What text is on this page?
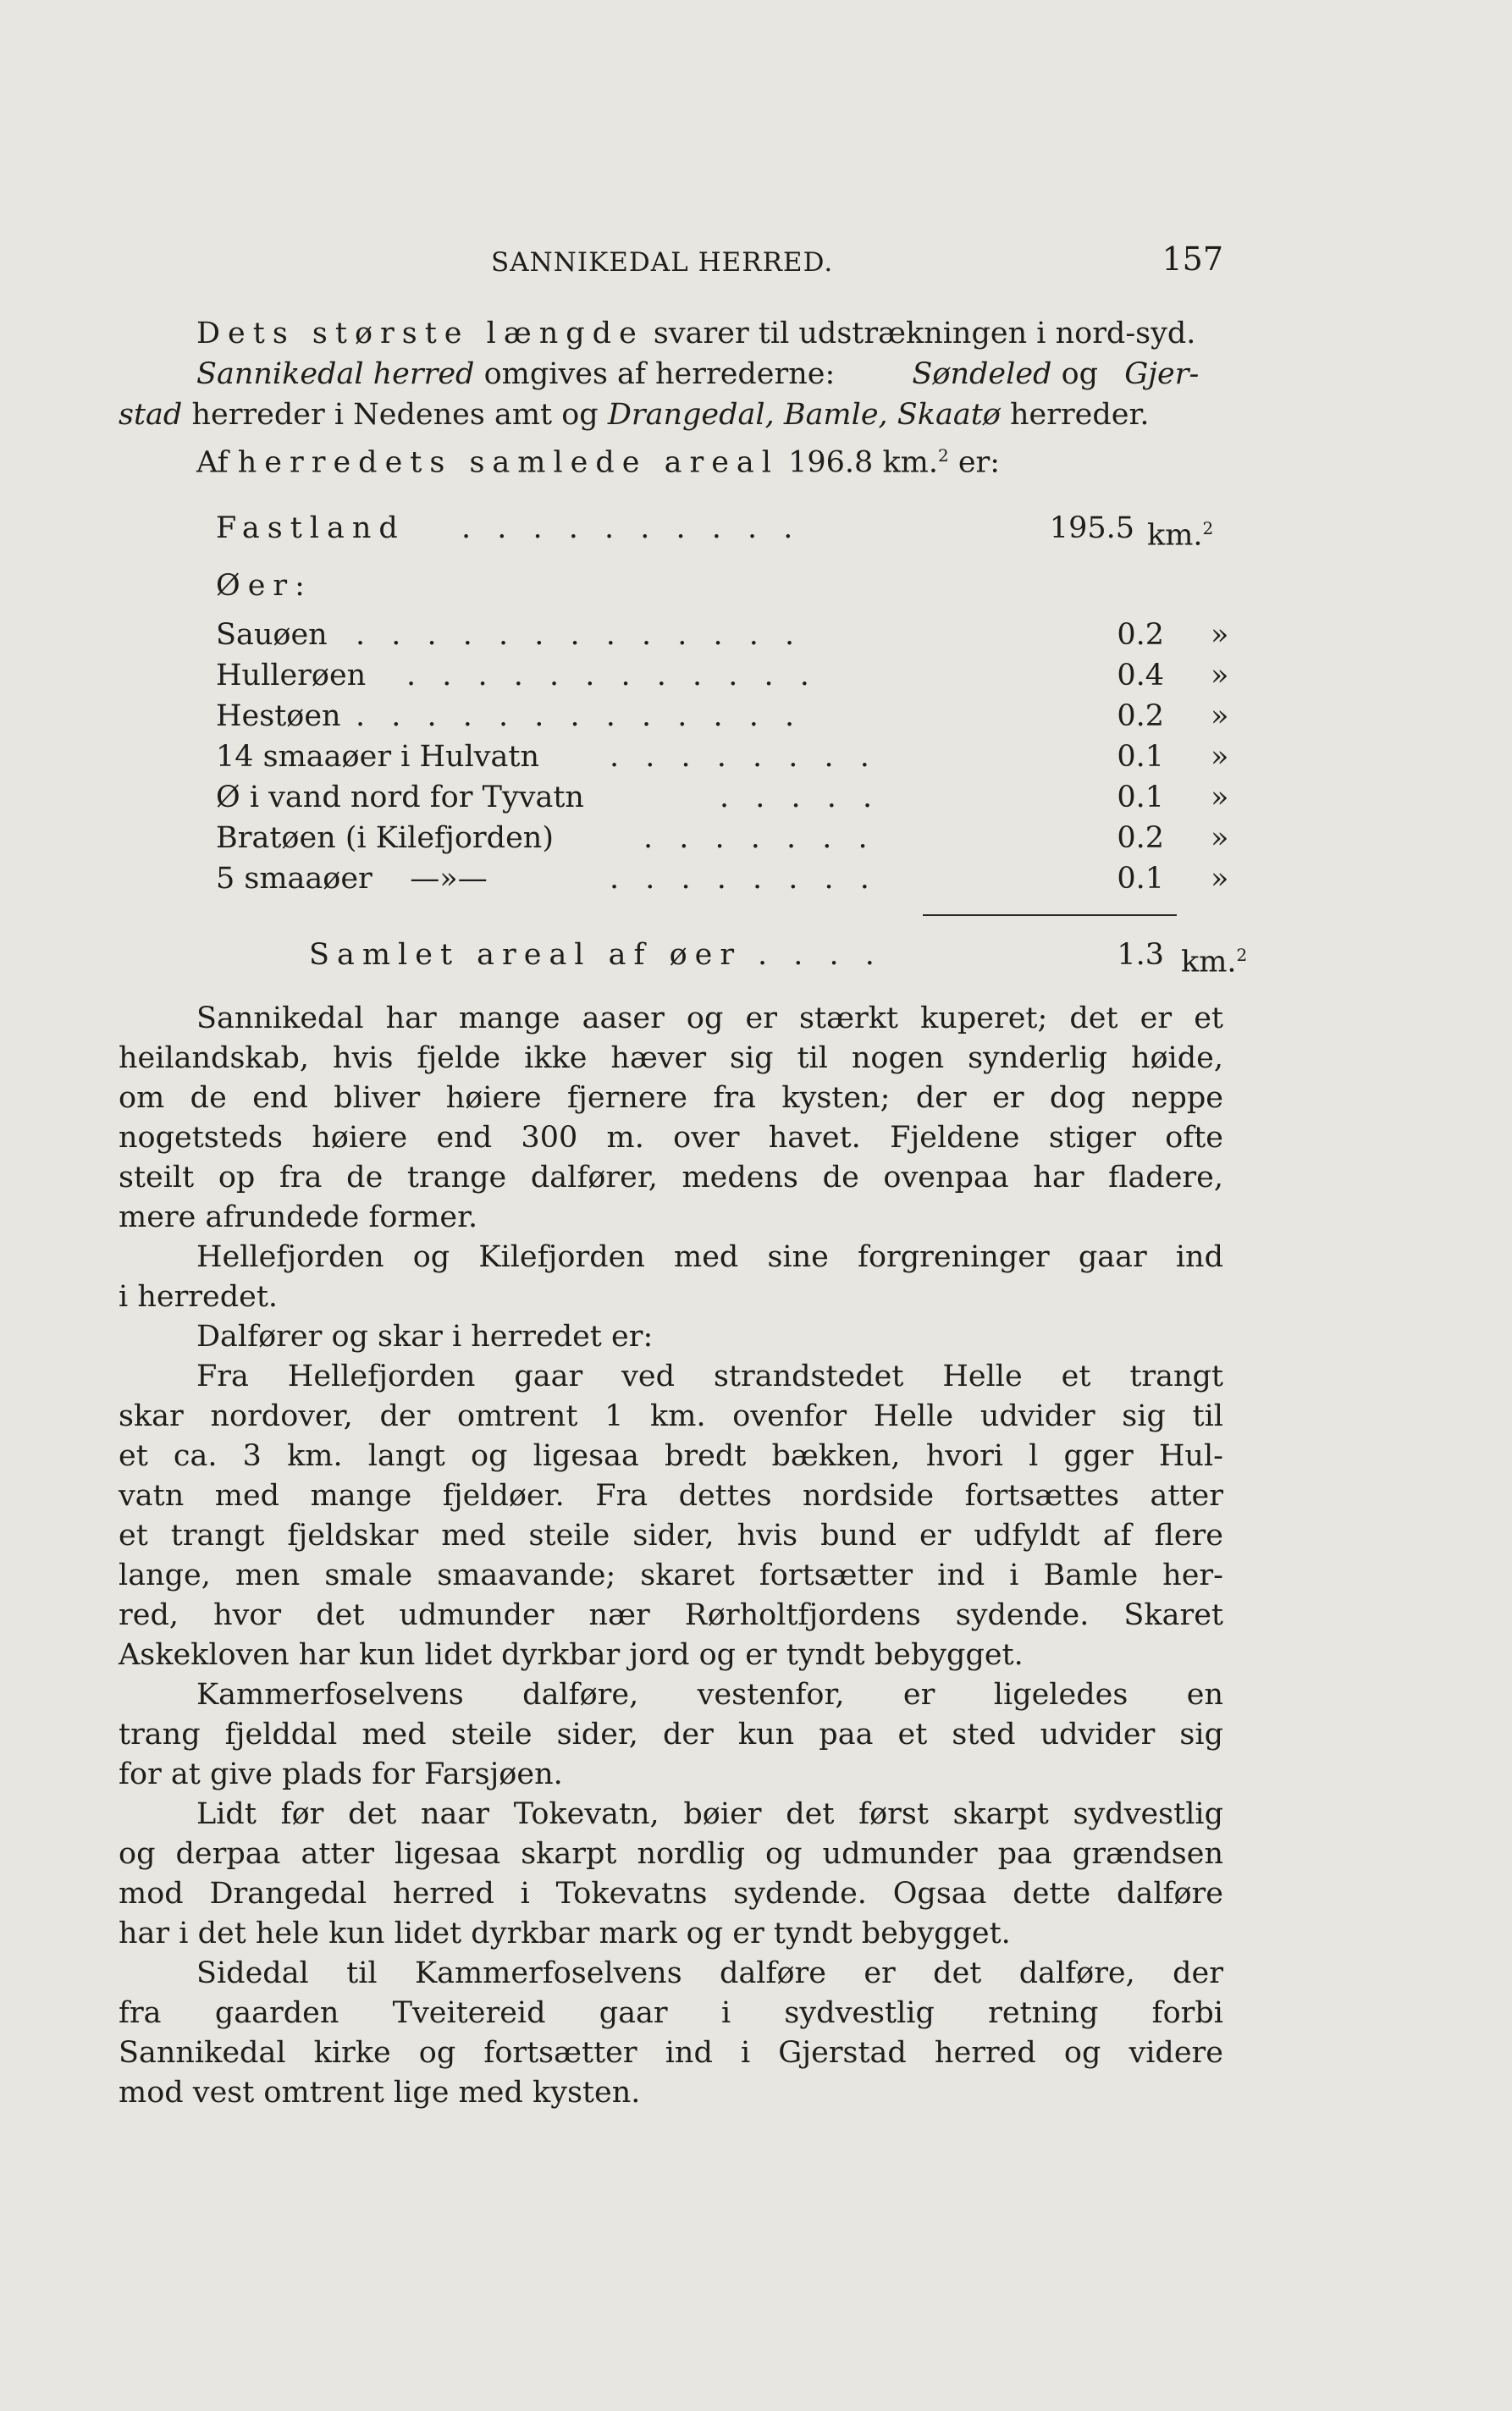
SANNIKEDAL HERRED.	157
Dets største længde svarer til udstrækningen i nord-syd.
Sannikedal herred omgives af herrederne: Søndeled og Gjer-
stad herreder i Nedenes amt og Drangedal, Bamle, Skaatø herreder.
Af herredets samlede areal 196.8 km.$^2$ er:
Fastland . . . . . . . . . .	195.5 km.$^2$
Øer:
Sauøen . . . . . . . . . . . . .	0.2 »
Hullerøen . . . . . . . . . . . .	0.4 »
Hestøen . . . . . . . . . . . . .	0.2 »
14 smaaøer i Hulvatn . . . . . . . .	0.1 »
Ø i vand nord for Tyvatn	. . . . .	0.1 »
Bratøen (i Kilefjorden)	. . . . . . .	0.2 »
5 smaaøer    —»—	. . . . . . . .	0.1 »
Samlet areal af øer . . . .	1.3 km.$^2$

Sannikedal har mange aaser og er stærkt kuperet; det er et

heilandskab, hvis fjelde ikke hæver sig til nogen synderlig høide,

om de end bliver høiere fjernere fra kysten; der er dog neppe

nogetsteds høiere end 300 m. over havet. Fjeldene stiger ofte

steilt op fra de trange dalfører, medens de ovenpaa har fladere,

mere afrundede former.

Hellefjorden og Kilefjorden med sine forgreninger gaar ind

i herredet.

Dalfører og skar i herredet er:

Fra Hellefjorden gaar ved strandstedet Helle et trangt

skar nordover, der omtrent 1 km. ovenfor Helle udvider sig til

et ca. 3 km. langt og ligesaa bredt bækken, hvori l gger Hul-

vatn med mange fjeldøer. Fra dettes nordside fortsættes atter

et trangt fjeldskar med steile sider, hvis bund er udfyldt af flere

lange, men smale smaavande; skaret fortsætter ind i Bamle her-

red, hvor det udmunder nær Rørholtfjordens sydende. Skaret

Askekloven har kun lidet dyrkbar jord og er tyndt bebygget.

Kammerfoselvens dalføre, vestenfor, er ligeledes en

trang fjelddal med steile sider, der kun paa et sted udvider sig

for at give plads for Farsjøen.

Lidt før det naar Tokevatn, bøier det først skarpt sydvestlig

og derpaa atter ligesaa skarpt nordlig og udmunder paa grændsen

mod Drangedal herred i Tokevatns sydende. Ogsaa dette dalføre

har i det hele kun lidet dyrkbar mark og er tyndt bebygget.

Sidedal til Kammerfoselvens dalføre er det dalføre, der

fra gaarden Tveitereid gaar i sydvestlig retning forbi

Sannikedal kirke og fortsætter ind i Gjerstad herred og videre

mod vest omtrent lige med kysten.
